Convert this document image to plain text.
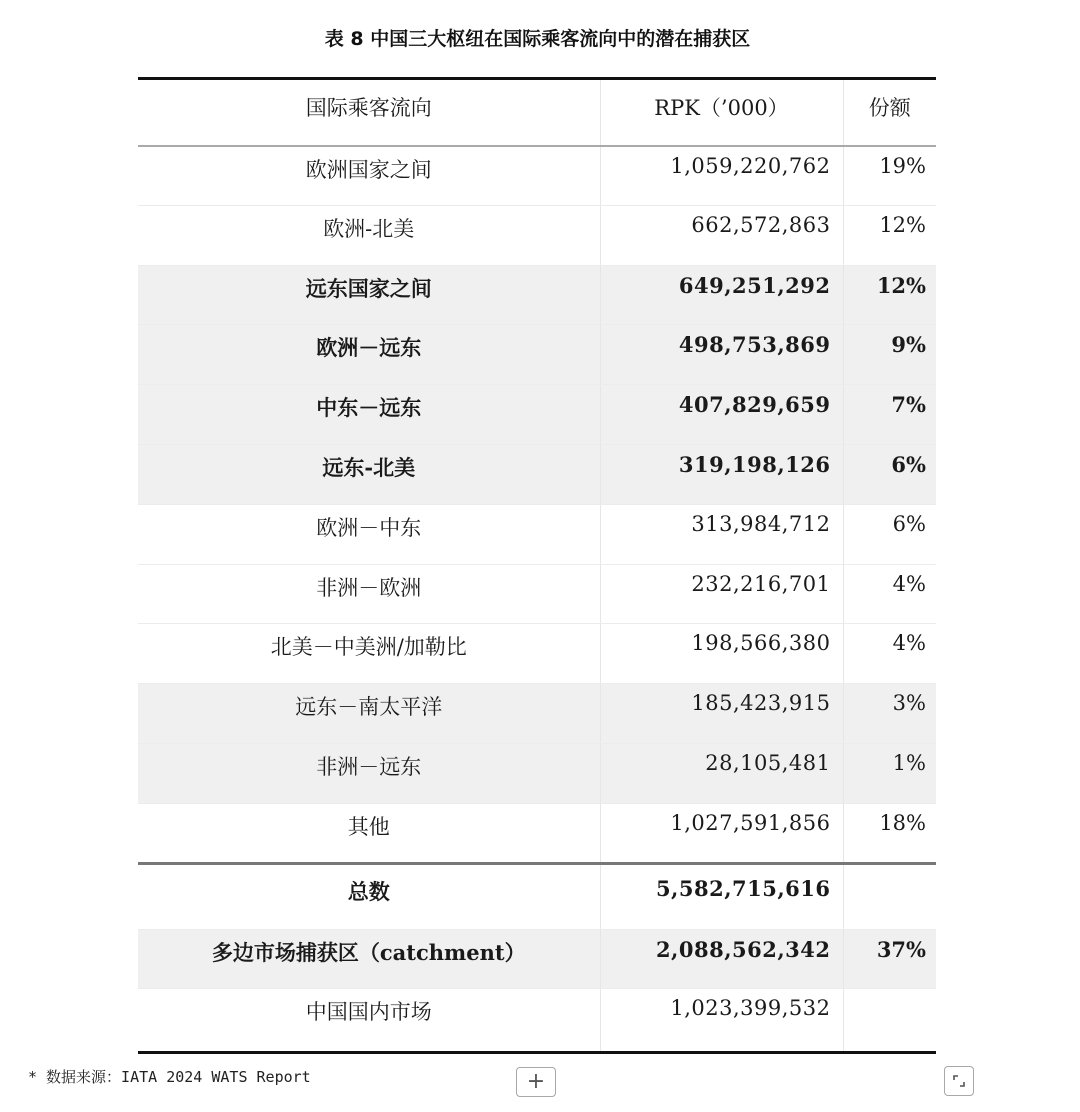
表 8 中国三大枢纽在国际乘客流向中的潜在捕获区
国际乘客流向	RPK（’000）	份额
欧洲国家之间	1,059,220,762	19%
欧洲-北美	662,572,863	12%
远东国家之间	649,251,292	12%
欧洲－远东	498,753,869	9%
中东－远东	407,829,659	7%
远东-北美	319,198,126	6%
欧洲－中东	313,984,712	6%
非洲－欧洲	232,216,701	4%
北美－中美洲/加勒比	198,566,380	4%
远东－南太平洋	185,423,915	3%
非洲－远东	28,105,481	1%
其他	1,027,591,856	18%
总数	5,582,715,616	
多边市场捕获区（catchment）	2,088,562,342	37%
中国国内市场	1,023,399,532	
* 数据来源：IATA 2024 WATS Report	+
